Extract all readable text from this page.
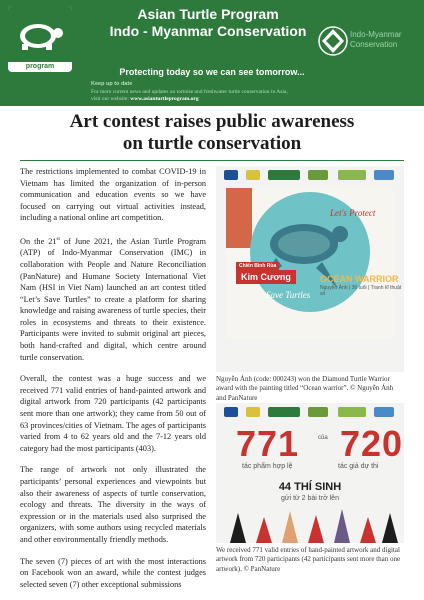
asian turtle program
Asian Turtle Program
Indo - Myanmar Conservation	Indo-Myanmar
Conservation
Protecting today so we can see tomorrow...
Keep up to date
For more current news and updates on tortoise and freshwater turtle conservation in Asia,
visit our website: www.asianturtleprogram.org
Art contest raises public awareness
on turtle conservation

The restrictions implemented to combat COVID-19 in Vietnam has limited the organization of in-person communication and education events so we have focused on carrying out virtual activities instead, including a national online art competition.

On the 21st of June 2021, the Asian Turtle Program (ATP) of Indo-Myanmar Conservation (IMC) in collaboration with People and Nature Reconciliation (PanNature) and Humane Society International Viet Nam (HSI in Viet Nam) launched an art contest titled “Let’s Save Turtles” to create a platform for sharing knowledge and raising awareness of turtle species, their roles in ecosystems and threats to their existence. Participants were invited to submit original art pieces, both hand-crafted and digital, which centre around turtle conservation.

Overall, the contest was a huge success and we received 771 valid entries of hand-painted artwork and digital artwork from 720 participants (42 participants sent more than one artwork); they came from 50 out of 63 provinces/cities of Vietnam. The ages of participants varied from 4 to 62 years old and the 7-12 years old category had the most participants (403).

The range of artwork not only illustrated the participants’ personal experiences and viewpoints but also their awareness of aspects of turtle conservation, ecology and threats. The diversity in the ways of expression or in the materials used also surprised the organizers, with some authors using recycled materials and other environmentally friendly methods.

The seven (7) pieces of art with the most interactions on Facebook won an award, while the contest judges selected seven (7) other exceptional submissions

Let's Protect
Save Turtles
Chiến Binh Rùa
Kim Cương	OCEAN WARRIOR
Nguyễn Ánh | 36 tuổi | Tranh kĩ thuật số
Nguyễn Ánh (code: 000243) won the Diamond Turtle Warrior award with the painting titled “Ocean warrior”. © Nguyễn Ánh and PanNature
771	của 720
tác phẩm hợp lệ	tác giả dự thi
44 THÍ SINH
gửi từ 2 bài trở lên
We received 771 valid entries of hand-painted artwork and digital artwork from 720 participants (42 participants sent more than one artwork). © PanNature
